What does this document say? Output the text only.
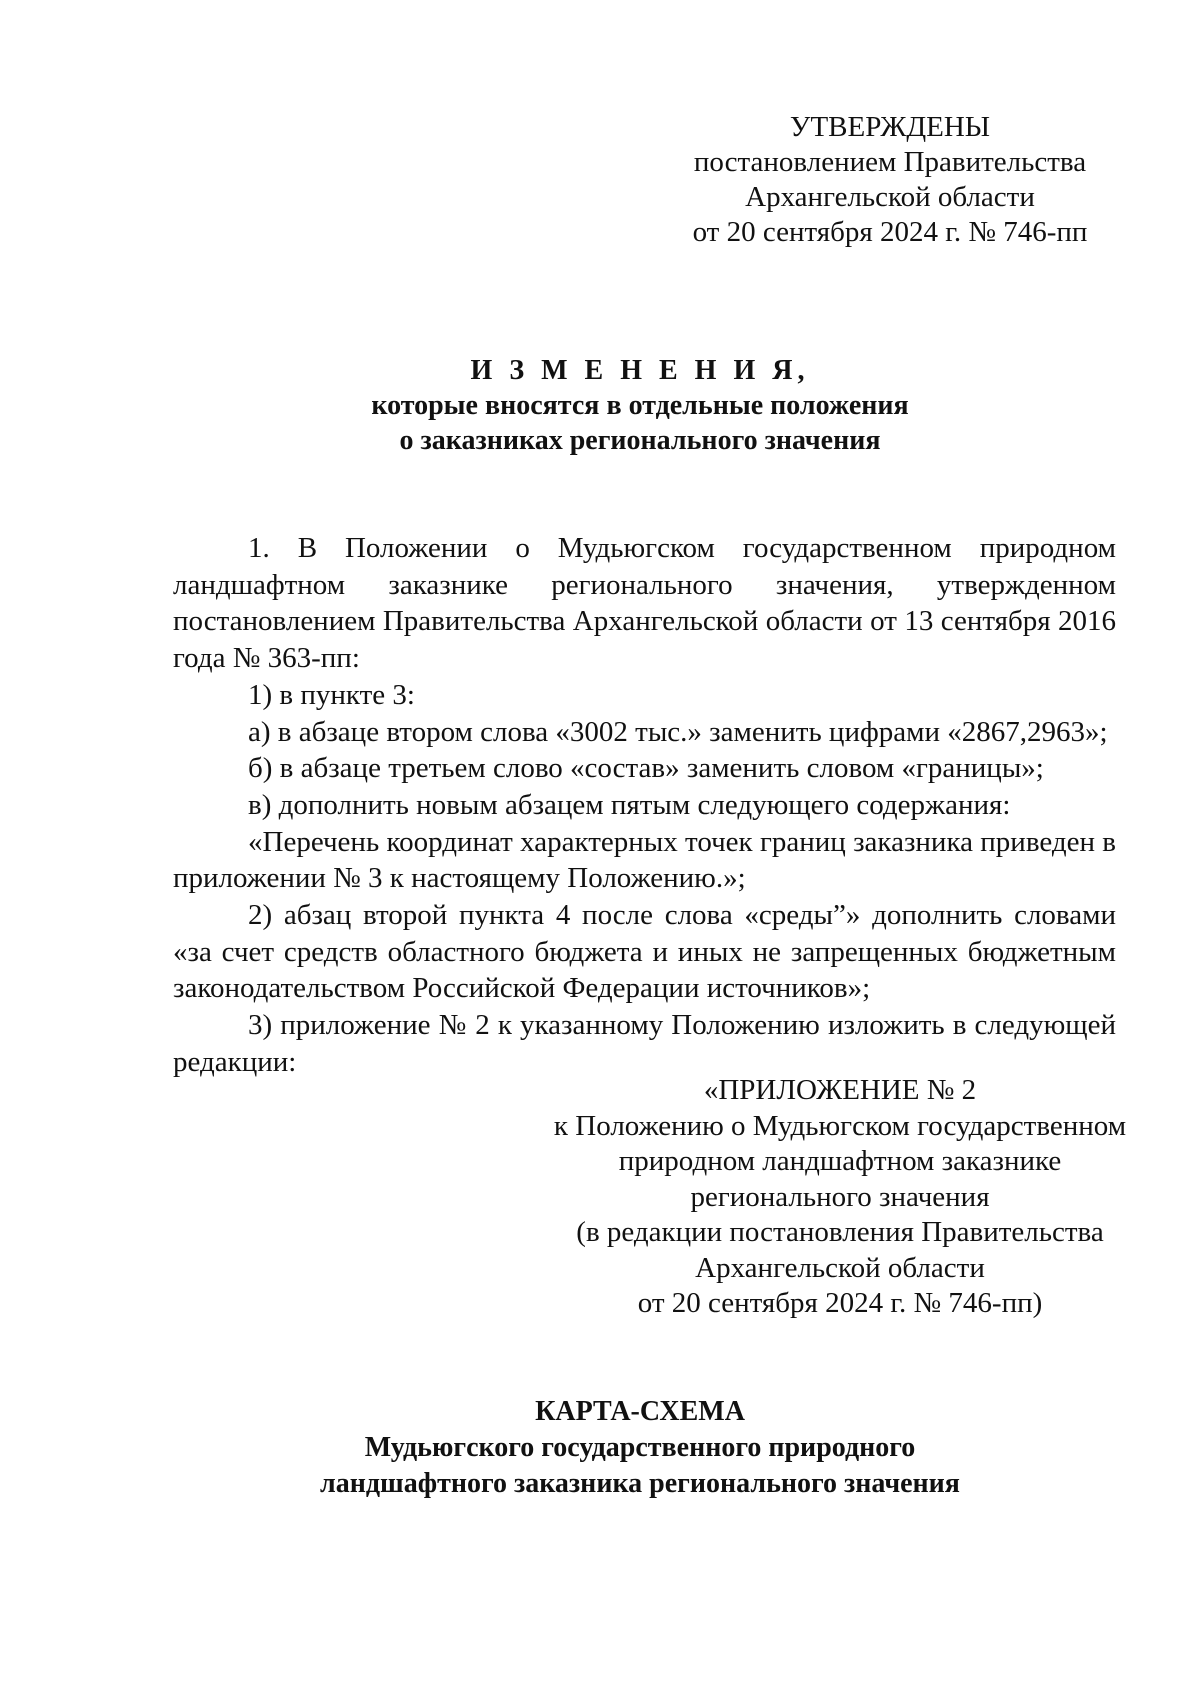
УТВЕРЖДЕНЫ
постановлением Правительства
Архангельской области
от 20 сентября 2024 г. № 746-пп
И З М Е Н Е Н И Я,
которые вносятся в отдельные положения
о заказниках регионального значения

1. В Положении о Мудьюгском государственном природном ландшафтном заказнике регионального значения, утвержденном постановлением Правительства Архангельской области от 13 сентября 2016 года № 363-пп:

1) в пункте 3:

а) в абзаце втором слова «3002 тыс.» заменить цифрами «2867,2963»;

б) в абзаце третьем слово «состав» заменить словом «границы»;

в) дополнить новым абзацем пятым следующего содержания:

«Перечень координат характерных точек границ заказника приведен в приложении № 3 к настоящему Положению.»;

2) абзац второй пункта 4 после слова «среды”» дополнить словами «за счет средств областного бюджета и иных не запрещенных бюджетным законодательством Российской Федерации источников»;

3) приложение № 2 к указанному Положению изложить в следующей редакции:

«ПРИЛОЖЕНИЕ № 2
к Положению о Мудьюгском государственном
природном ландшафтном заказнике
регионального значения
(в редакции постановления Правительства
Архангельской области
от 20 сентября 2024 г. № 746-пп)
КАРТА-СХЕМА
Мудьюгского государственного природного
ландшафтного заказника регионального значения
